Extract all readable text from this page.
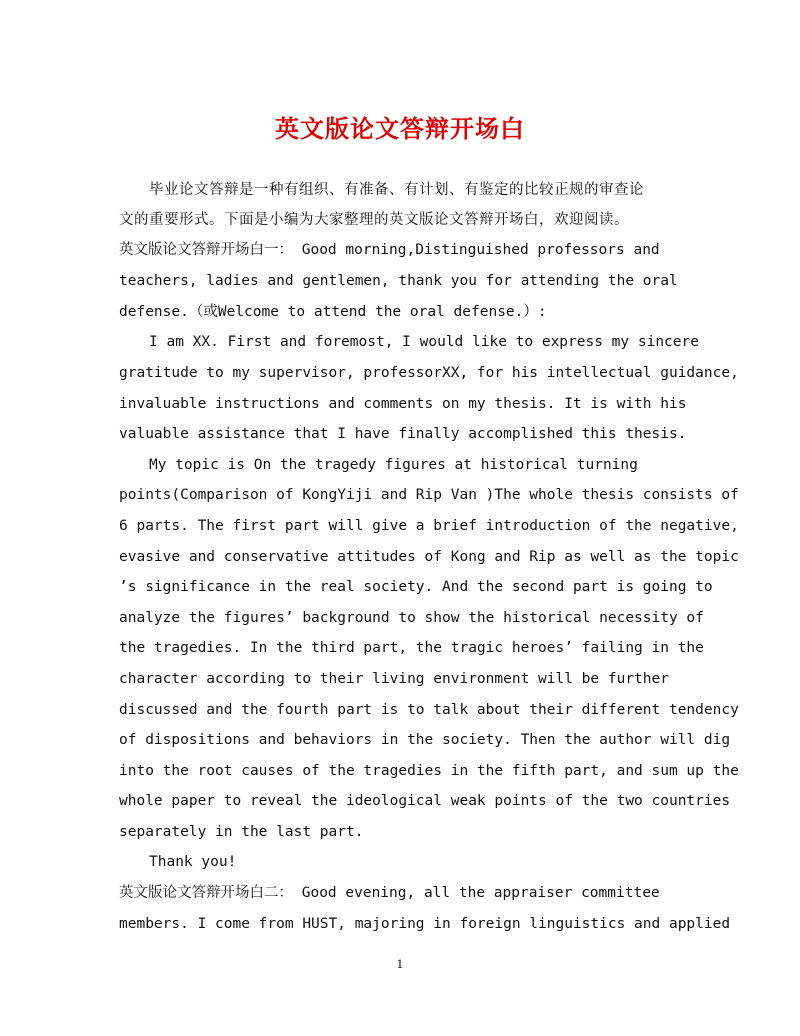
英文版论文答辩开场白
毕业论文答辩是一种有组织、有准备、有计划、有鉴定的比较正规的审查论
文的重要形式。下面是小编为大家整理的英文版论文答辩开场白，欢迎阅读。
英文版论文答辩开场白一： Good morning,Distinguished professors and
teachers, ladies and gentlemen, thank you for attending the oral
defense.（或Welcome to attend the oral defense.）:
I am XX. First and foremost, I would like to express my sincere
gratitude to my supervisor, professorXX, for his intellectual guidance,
invaluable instructions and comments on my thesis. It is with his
valuable assistance that I have finally accomplished this thesis.
My topic is On the tragedy figures at historical turning
points(Comparison of KongYiji and Rip Van )The whole thesis consists of
6 parts. The first part will give a brief introduction of the negative,
evasive and conservative attitudes of Kong and Rip as well as the topic
’s significance in the real society. And the second part is going to
analyze the figures’ background to show the historical necessity of
the tragedies. In the third part, the tragic heroes’ failing in the
character according to their living environment will be further
discussed and the fourth part is to talk about their different tendency
of dispositions and behaviors in the society. Then the author will dig
into the root causes of the tragedies in the fifth part, and sum up the
whole paper to reveal the ideological weak points of the two countries
separately in the last part.
Thank you!
英文版论文答辩开场白二： Good evening, all the appraiser committee
members. I come from HUST, majoring in foreign linguistics and applied
1
